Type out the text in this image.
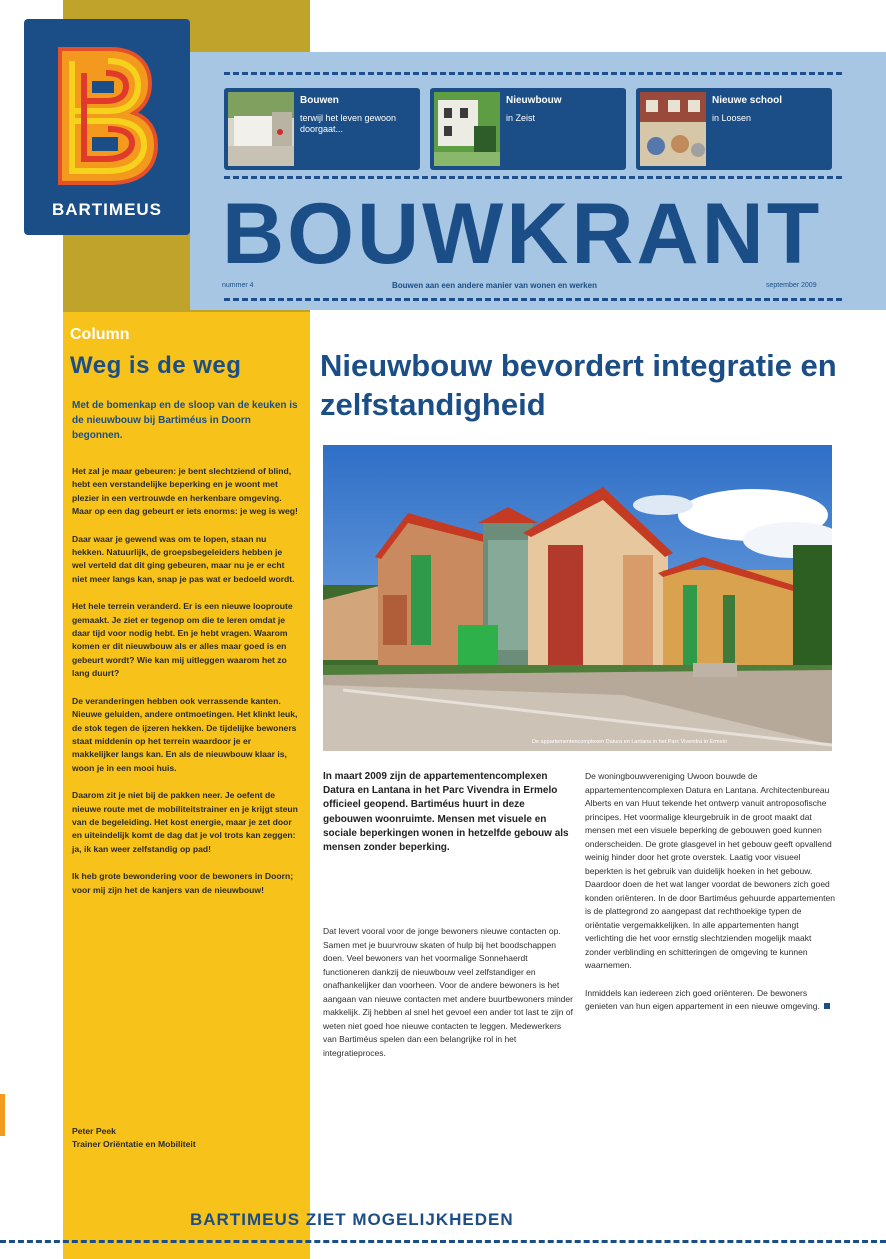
BARTIMEUS
Bouwen
terwijl het leven gewoon doorgaat...
Nieuwbouw
in Zeist
Nieuwe school
in Loosen
BOUWKRANT
nummer 4	Bouwen aan een andere manier van wonen en werken	september 2009
Column
Weg is de weg

Met de bomenkap en de sloop van de keuken is de nieuwbouw bij Bartiméus in Doorn begonnen.

Het zal je maar gebeuren: je bent slechtziend of blind, hebt een verstandelijke beperking en je woont met plezier in een vertrouwde en herkenbare omgeving. Maar op een dag gebeurt er iets enorms: je weg is weg!

Daar waar je gewend was om te lopen, staan nu hekken. Natuurlijk, de groepsbegeleiders hebben je wel verteld dat dit ging gebeuren, maar nu je er echt niet meer langs kan, snap je pas wat er bedoeld wordt.

Het hele terrein veranderd. Er is een nieuwe looproute gemaakt. Je ziet er tegenop om die te leren omdat je daar tijd voor nodig hebt. En je hebt vragen. Waarom komen er dit nieuwbouw als er alles maar goed is en gebeurt wordt? Wie kan mij uitleggen waarom het zo lang duurt?

De veranderingen hebben ook verrassende kanten. Nieuwe geluiden, andere ontmoetingen. Het klinkt leuk, de stok tegen de ijzeren hekken. De tijdelijke bewoners staat middenin op het terrein waardoor je er makkelijker langs kan. En als de nieuwbouw klaar is, woon je in een mooi huis.

Daarom zit je niet bij de pakken neer. Je oefent de nieuwe route met de mobiliteitstrainer en je krijgt steun van de begeleiding. Het kost energie, maar je zet door en uiteindelijk komt de dag dat je vol trots kan zeggen: ja, ik kan weer zelfstandig op pad!

Ik heb grote bewondering voor de bewoners in Doorn; voor mij zijn het de kanjers van de nieuwbouw!

Peter Peek
Trainer Oriëntatie en Mobiliteit
Nieuwbouw bevordert integratie en zelfstandigheid
De appartementencomplexen Datura en Lantana in het Parc Vivendra in Ermelo

In maart 2009 zijn de appartementencomplexen Datura en Lantana in het Parc Vivendra in Ermelo officieel geopend. Bartiméus huurt in deze gebouwen woonruimte. Mensen met visuele en sociale beperkingen wonen in hetzelfde gebouw als mensen zonder beperking.

Dat levert vooral voor de jonge bewoners nieuwe contacten op. Samen met je buurvrouw skaten of hulp bij het boodschappen doen. Veel bewoners van het voormalige Sonnehaerdt functioneren dankzij de nieuwbouw veel zelfstandiger en onafhankelijker dan voorheen. Voor de andere bewoners is het aangaan van nieuwe contacten met andere buurtbewoners minder makkelijk. Zij hebben al snel het gevoel een ander tot last te zijn of weten niet goed hoe nieuwe contacten te leggen. Medewerkers van Bartiméus spelen dan een belangrijke rol in het integratieproces.

De woningbouwvereniging Uwoon bouwde de appartementencomplexen Datura en Lantana. Architectenbureau Alberts en van Huut tekende het ontwerp vanuit antroposofische principes. Het voormalige kleurgebruik in de groot maakt dat mensen met een visuele beperking de gebouwen goed kunnen onderscheiden. De grote glasgevel in het gebouw geeft opvallend weinig hinder door het grote overstek. Laatig voor visueel beperkten is het gebruik van duidelijk hoeken in het gebouw. Daardoor doen de het wat langer voordat de bewoners zich goed konden oriënteren. In de door Bartiméus gehuurde appartementen is de plattegrond zo aangepast dat rechthoekige typen de oriëntatie vergemakkelijken. In alle appartementen hangt verlichting die het voor ernstig slechtzienden mogelijk maakt zonder verblinding en schitteringen de omgeving te kunnen waarnemen.

Inmiddels kan iedereen zich goed oriënteren. De bewoners genieten van hun eigen appartement in een nieuwe omgeving.

BARTIMEUS ZIET MOGELIJKHEDEN
